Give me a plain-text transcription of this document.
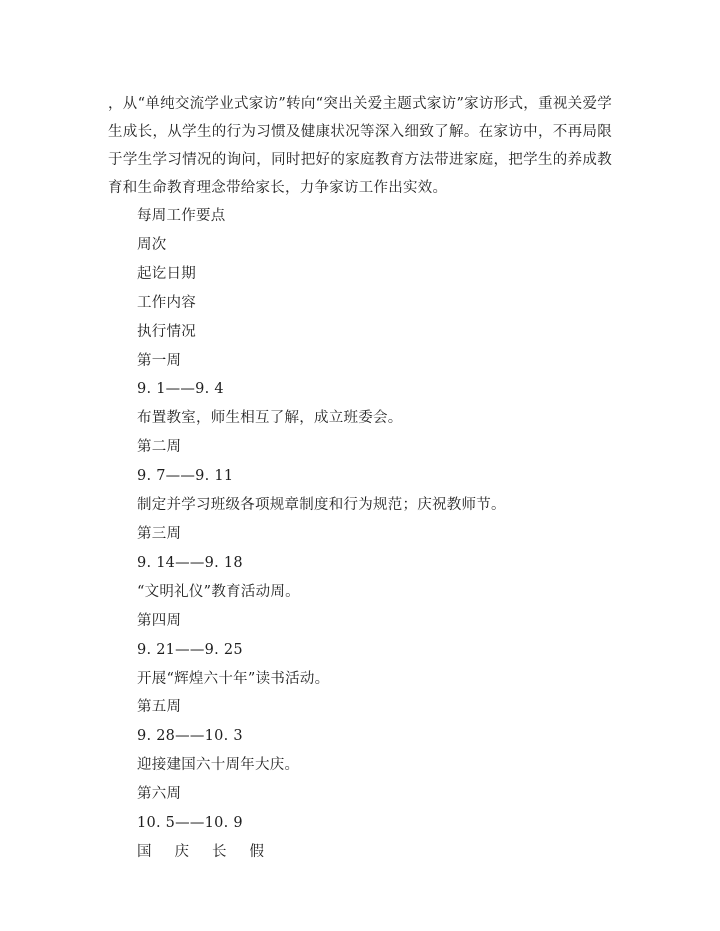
，从“单纯交流学业式家访”转向“突出关爱主题式家访”家访形式，重视关爱学生成长，从学生的行为习惯及健康状况等深入细致了解。在家访中，不再局限于学生学习情况的询问，同时把好的家庭教育方法带进家庭，把学生的养成教育和生命教育理念带给家长，力争家访工作出实效。

每周工作要点

周次

起讫日期

工作内容

执行情况

第一周

9. 1——9. 4

布置教室，师生相互了解，成立班委会。

第二周

9. 7——9. 11

制定并学习班级各项规章制度和行为规范；庆祝教师节。

第三周

9. 14——9. 18

“文明礼仪”教育活动周。

第四周

9. 21——9. 25

开展“辉煌六十年”读书活动。

第五周

9. 28——10. 3

迎接建国六十周年大庆。

第六周

10. 5——10. 9

国庆长假
